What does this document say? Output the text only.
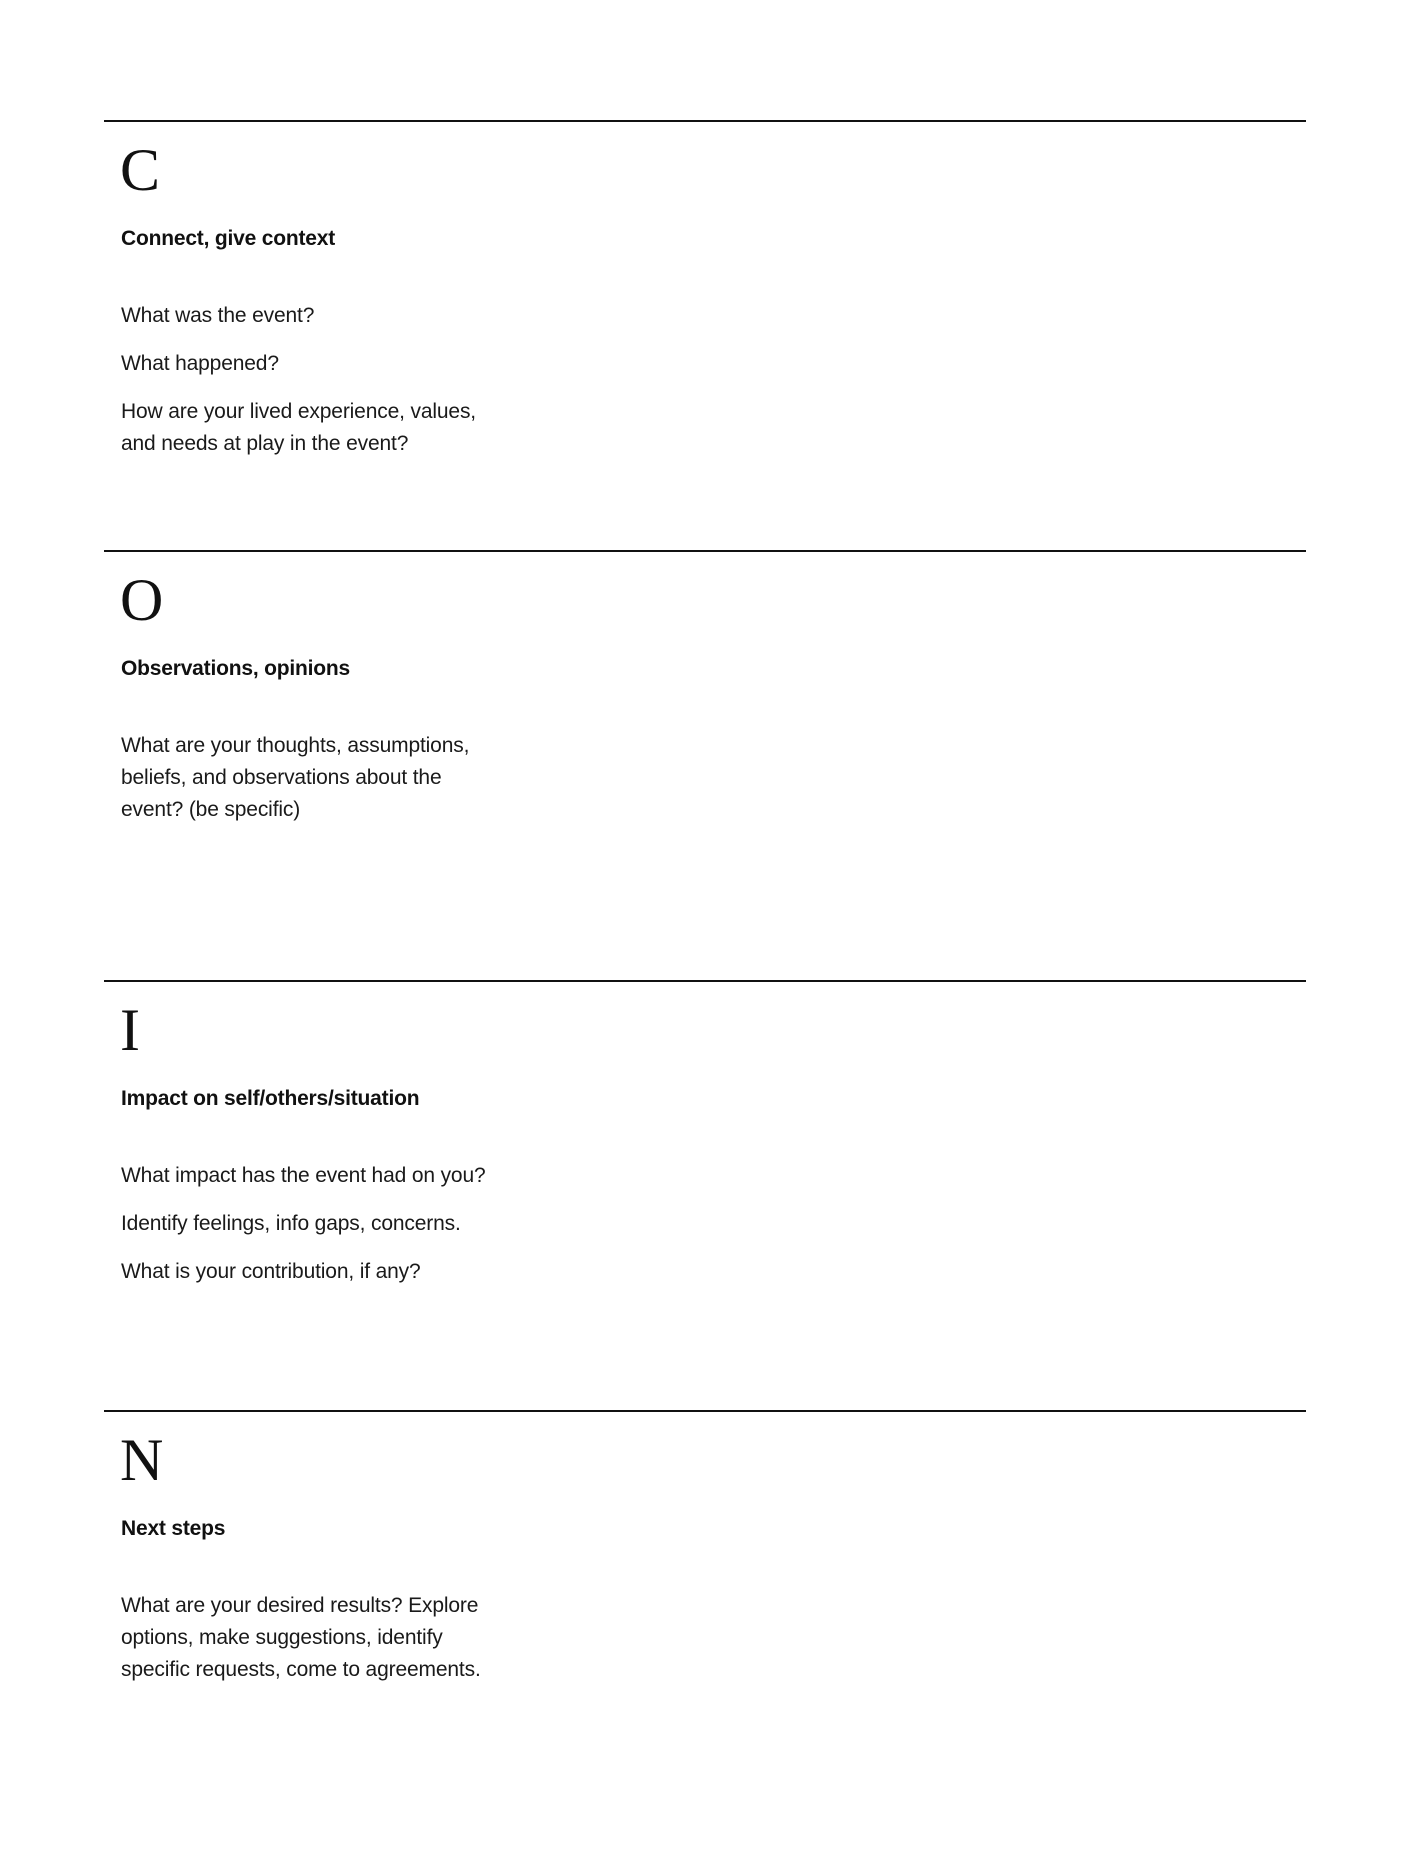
C
Connect, give context

What was the event?

What happened?

How are your lived experience, values,
and needs at play in the event?

O
Observations, opinions

What are your thoughts, assumptions,
beliefs, and observations about the
event? (be specific)

I
Impact on self/others/situation

What impact has the event had on you?

Identify feelings, info gaps, concerns.

What is your contribution, if any?

N
Next steps

What are your desired results? Explore
options, make suggestions, identify
specific requests, come to agreements.
